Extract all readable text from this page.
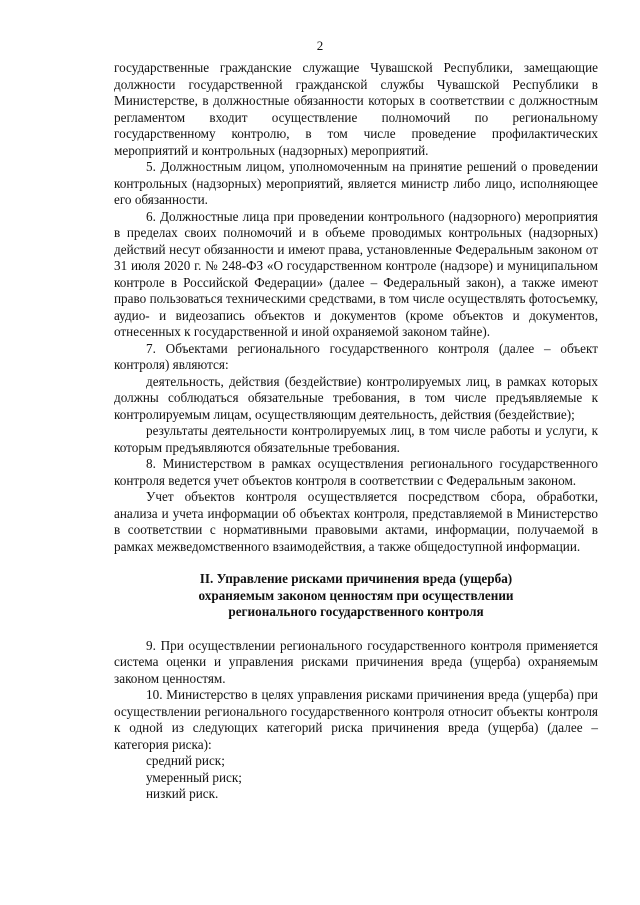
2

государственные гражданские служащие Чувашской Республики, замещающие должности государственной гражданской службы Чувашской Республики в Министерстве, в должностные обязанности которых в соответствии с должностным регламентом входит осуществление полномочий по региональному государственному контролю, в том числе проведение профилактических мероприятий и контрольных (надзорных) мероприятий.

5. Должностным лицом, уполномоченным на принятие решений о проведении контрольных (надзорных) мероприятий, является министр либо лицо, исполняющее его обязанности.

6. Должностные лица при проведении контрольного (надзорного) мероприятия в пределах своих полномочий и в объеме проводимых контрольных (надзорных) действий несут обязанности и имеют права, установленные Федеральным законом от 31 июля 2020 г. № 248-ФЗ «О государственном контроле (надзоре) и муниципальном контроле в Российской Федерации» (далее – Федеральный закон), а также имеют право пользоваться техническими средствами, в том числе осуществлять фотосъемку, аудио- и видеозапись объектов и документов (кроме объектов и документов, отнесенных к государственной и иной охраняемой законом тайне).

7. Объектами регионального государственного контроля (далее – объект контроля) являются:

деятельность, действия (бездействие) контролируемых лиц, в рамках которых должны соблюдаться обязательные требования, в том числе предъявляемые к контролируемым лицам, осуществляющим деятельность, действия (бездействие);

результаты деятельности контролируемых лиц, в том числе работы и услуги, к которым предъявляются обязательные требования.

8. Министерством в рамках осуществления регионального государственного контроля ведется учет объектов контроля в соответствии с Федеральным законом.

Учет объектов контроля осуществляется посредством сбора, обработки, анализа и учета информации об объектах контроля, представляемой в Министерство в соответствии с нормативными правовыми актами, информации, получаемой в рамках межведомственного взаимодействия, а также общедоступной информации.

II. Управление рисками причинения вреда (ущерба)
охраняемым законом ценностям при осуществлении
регионального государственного контроля

9. При осуществлении регионального государственного контроля применяется система оценки и управления рисками причинения вреда (ущерба) охраняемым законом ценностям.

10. Министерство в целях управления рисками причинения вреда (ущерба) при осуществлении регионального государственного контроля относит объекты контроля к одной из следующих категорий риска причинения вреда (ущерба) (далее – категория риска):

средний риск;

умеренный риск;

низкий риск.
